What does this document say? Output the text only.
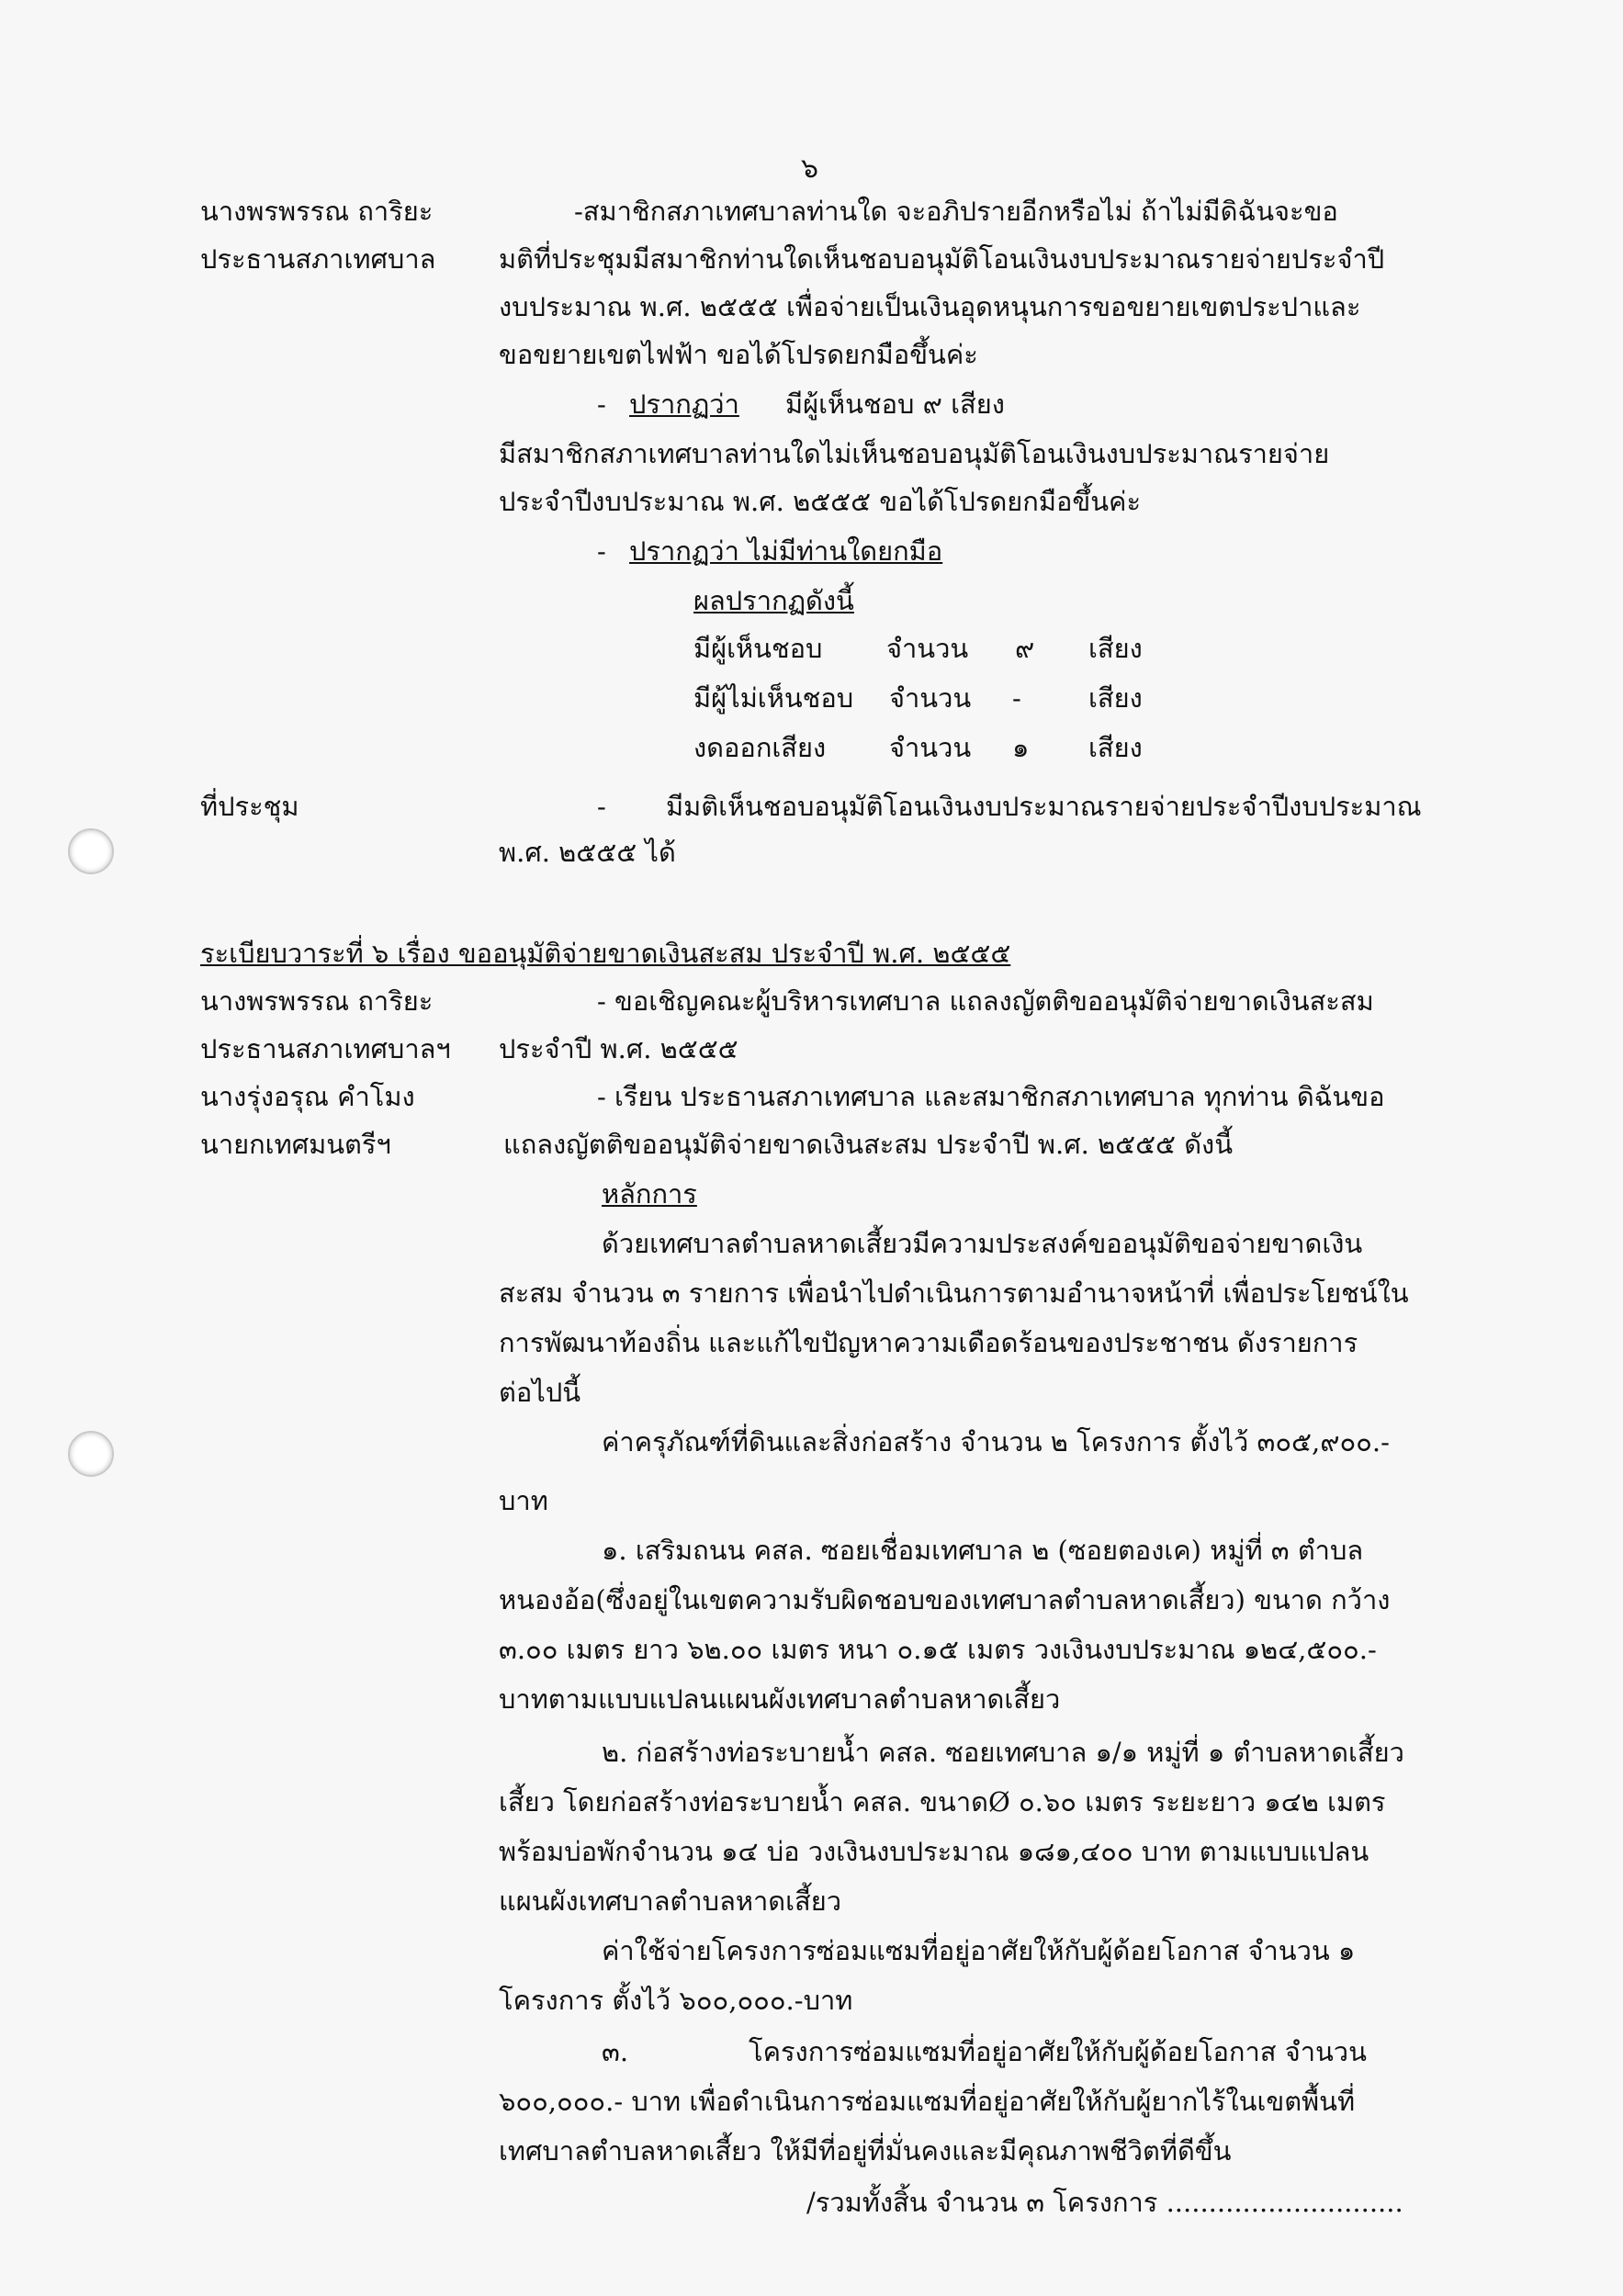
๖
นางพรพรรณ ถาริยะ
ประธานสภาเทศบาล
-สมาชิกสภาเทศบาลท่านใด จะอภิปรายอีกหรือไม่ ถ้าไม่มีดิฉันจะขอ
มติที่ประชุมมีสมาชิกท่านใดเห็นชอบอนุมัติโอนเงินงบประมาณรายจ่ายประจำปี
งบประมาณ พ.ศ. ๒๕๕๕ เพื่อจ่ายเป็นเงินอุดหนุนการขอขยายเขตประปาและ
ขอขยายเขตไฟฟ้า ขอได้โปรดยกมือขึ้นค่ะ
- ปรากฏว่า มีผู้เห็นชอบ ๙ เสียง
มีสมาชิกสภาเทศบาลท่านใดไม่เห็นชอบอนุมัติโอนเงินงบประมาณรายจ่าย
ประจำปีงบประมาณ พ.ศ. ๒๕๕๕ ขอได้โปรดยกมือขึ้นค่ะ
- ปรากฏว่า ไม่มีท่านใดยกมือ
ผลปรากฏดังนี้
มีผู้เห็นชอบ จำนวน ๙ เสียง
มีผู้ไม่เห็นชอบ จำนวน -	เสียง
งดออกเสียง จำนวน ๑ เสียง
ที่ประชุม	- มีมติเห็นชอบอนุมัติโอนเงินงบประมาณรายจ่ายประจำปีงบประมาณ
พ.ศ. ๒๕๕๕ ได้
ระเบียบวาระที่ ๖ เรื่อง ขออนุมัติจ่ายขาดเงินสะสม ประจำปี พ.ศ. ๒๕๕๕
นางพรพรรณ ถาริยะ
ประธานสภาเทศบาลฯ
นางรุ่งอรุณ คำโมง
นายกเทศมนตรีฯ
- ขอเชิญคณะผู้บริหารเทศบาล แถลงญัตติขออนุมัติจ่ายขาดเงินสะสม
ประจำปี พ.ศ. ๒๕๕๕
- เรียน ประธานสภาเทศบาล และสมาชิกสภาเทศบาล ทุกท่าน ดิฉันขอ
แถลงญัตติขออนุมัติจ่ายขาดเงินสะสม ประจำปี พ.ศ. ๒๕๕๕ ดังนี้
หลักการ
ด้วยเทศบาลตำบลหาดเสี้ยวมีความประสงค์ขออนุมัติขอจ่ายขาดเงิน
สะสม จำนวน ๓ รายการ เพื่อนำไปดำเนินการตามอำนาจหน้าที่ เพื่อประโยชน์ใน
การพัฒนาท้องถิ่น และแก้ไขปัญหาความเดือดร้อนของประชาชน ดังรายการ
ต่อไปนี้
ค่าครุภัณฑ์ที่ดินและสิ่งก่อสร้าง จำนวน ๒ โครงการ ตั้งไว้ ๓๐๕,๙๐๐.-
บาท
๑. เสริมถนน คสล. ซอยเชื่อมเทศบาล ๒ (ซอยตองเค) หมู่ที่ ๓ ตำบล
หนองอ้อ(ซึ่งอยู่ในเขตความรับผิดชอบของเทศบาลตำบลหาดเสี้ยว) ขนาด กว้าง
๓.๐๐ เมตร ยาว ๖๒.๐๐ เมตร หนา ๐.๑๕ เมตร วงเงินงบประมาณ ๑๒๔,๕๐๐.-
บาทตามแบบแปลนแผนผังเทศบาลตำบลหาดเสี้ยว
๒. ก่อสร้างท่อระบายน้ำ คสล. ซอยเทศบาล ๑/๑ หมู่ที่ ๑ ตำบลหาดเสี้ยว
เสี้ยว โดยก่อสร้างท่อระบายน้ำ คสล. ขนาดØ ๐.๖๐ เมตร ระยะยาว ๑๔๒ เมตร
พร้อมบ่อพักจำนวน ๑๔ บ่อ วงเงินงบประมาณ ๑๘๑,๔๐๐ บาท ตามแบบแปลน
แผนผังเทศบาลตำบลหาดเสี้ยว
ค่าใช้จ่ายโครงการซ่อมแซมที่อยู่อาศัยให้กับผู้ด้อยโอกาส จำนวน ๑
โครงการ ตั้งไว้ ๖๐๐,๐๐๐.-บาท
๓.	โครงการซ่อมแซมที่อยู่อาศัยให้กับผู้ด้อยโอกาส จำนวน
๖๐๐,๐๐๐.- บาท เพื่อดำเนินการซ่อมแซมที่อยู่อาศัยให้กับผู้ยากไร้ในเขตพื้นที่
เทศบาลตำบลหาดเสี้ยว ให้มีที่อยู่ที่มั่นคงและมีคุณภาพชีวิตที่ดีขึ้น
/รวมทั้งสิ้น จำนวน ๓ โครงการ ............................
